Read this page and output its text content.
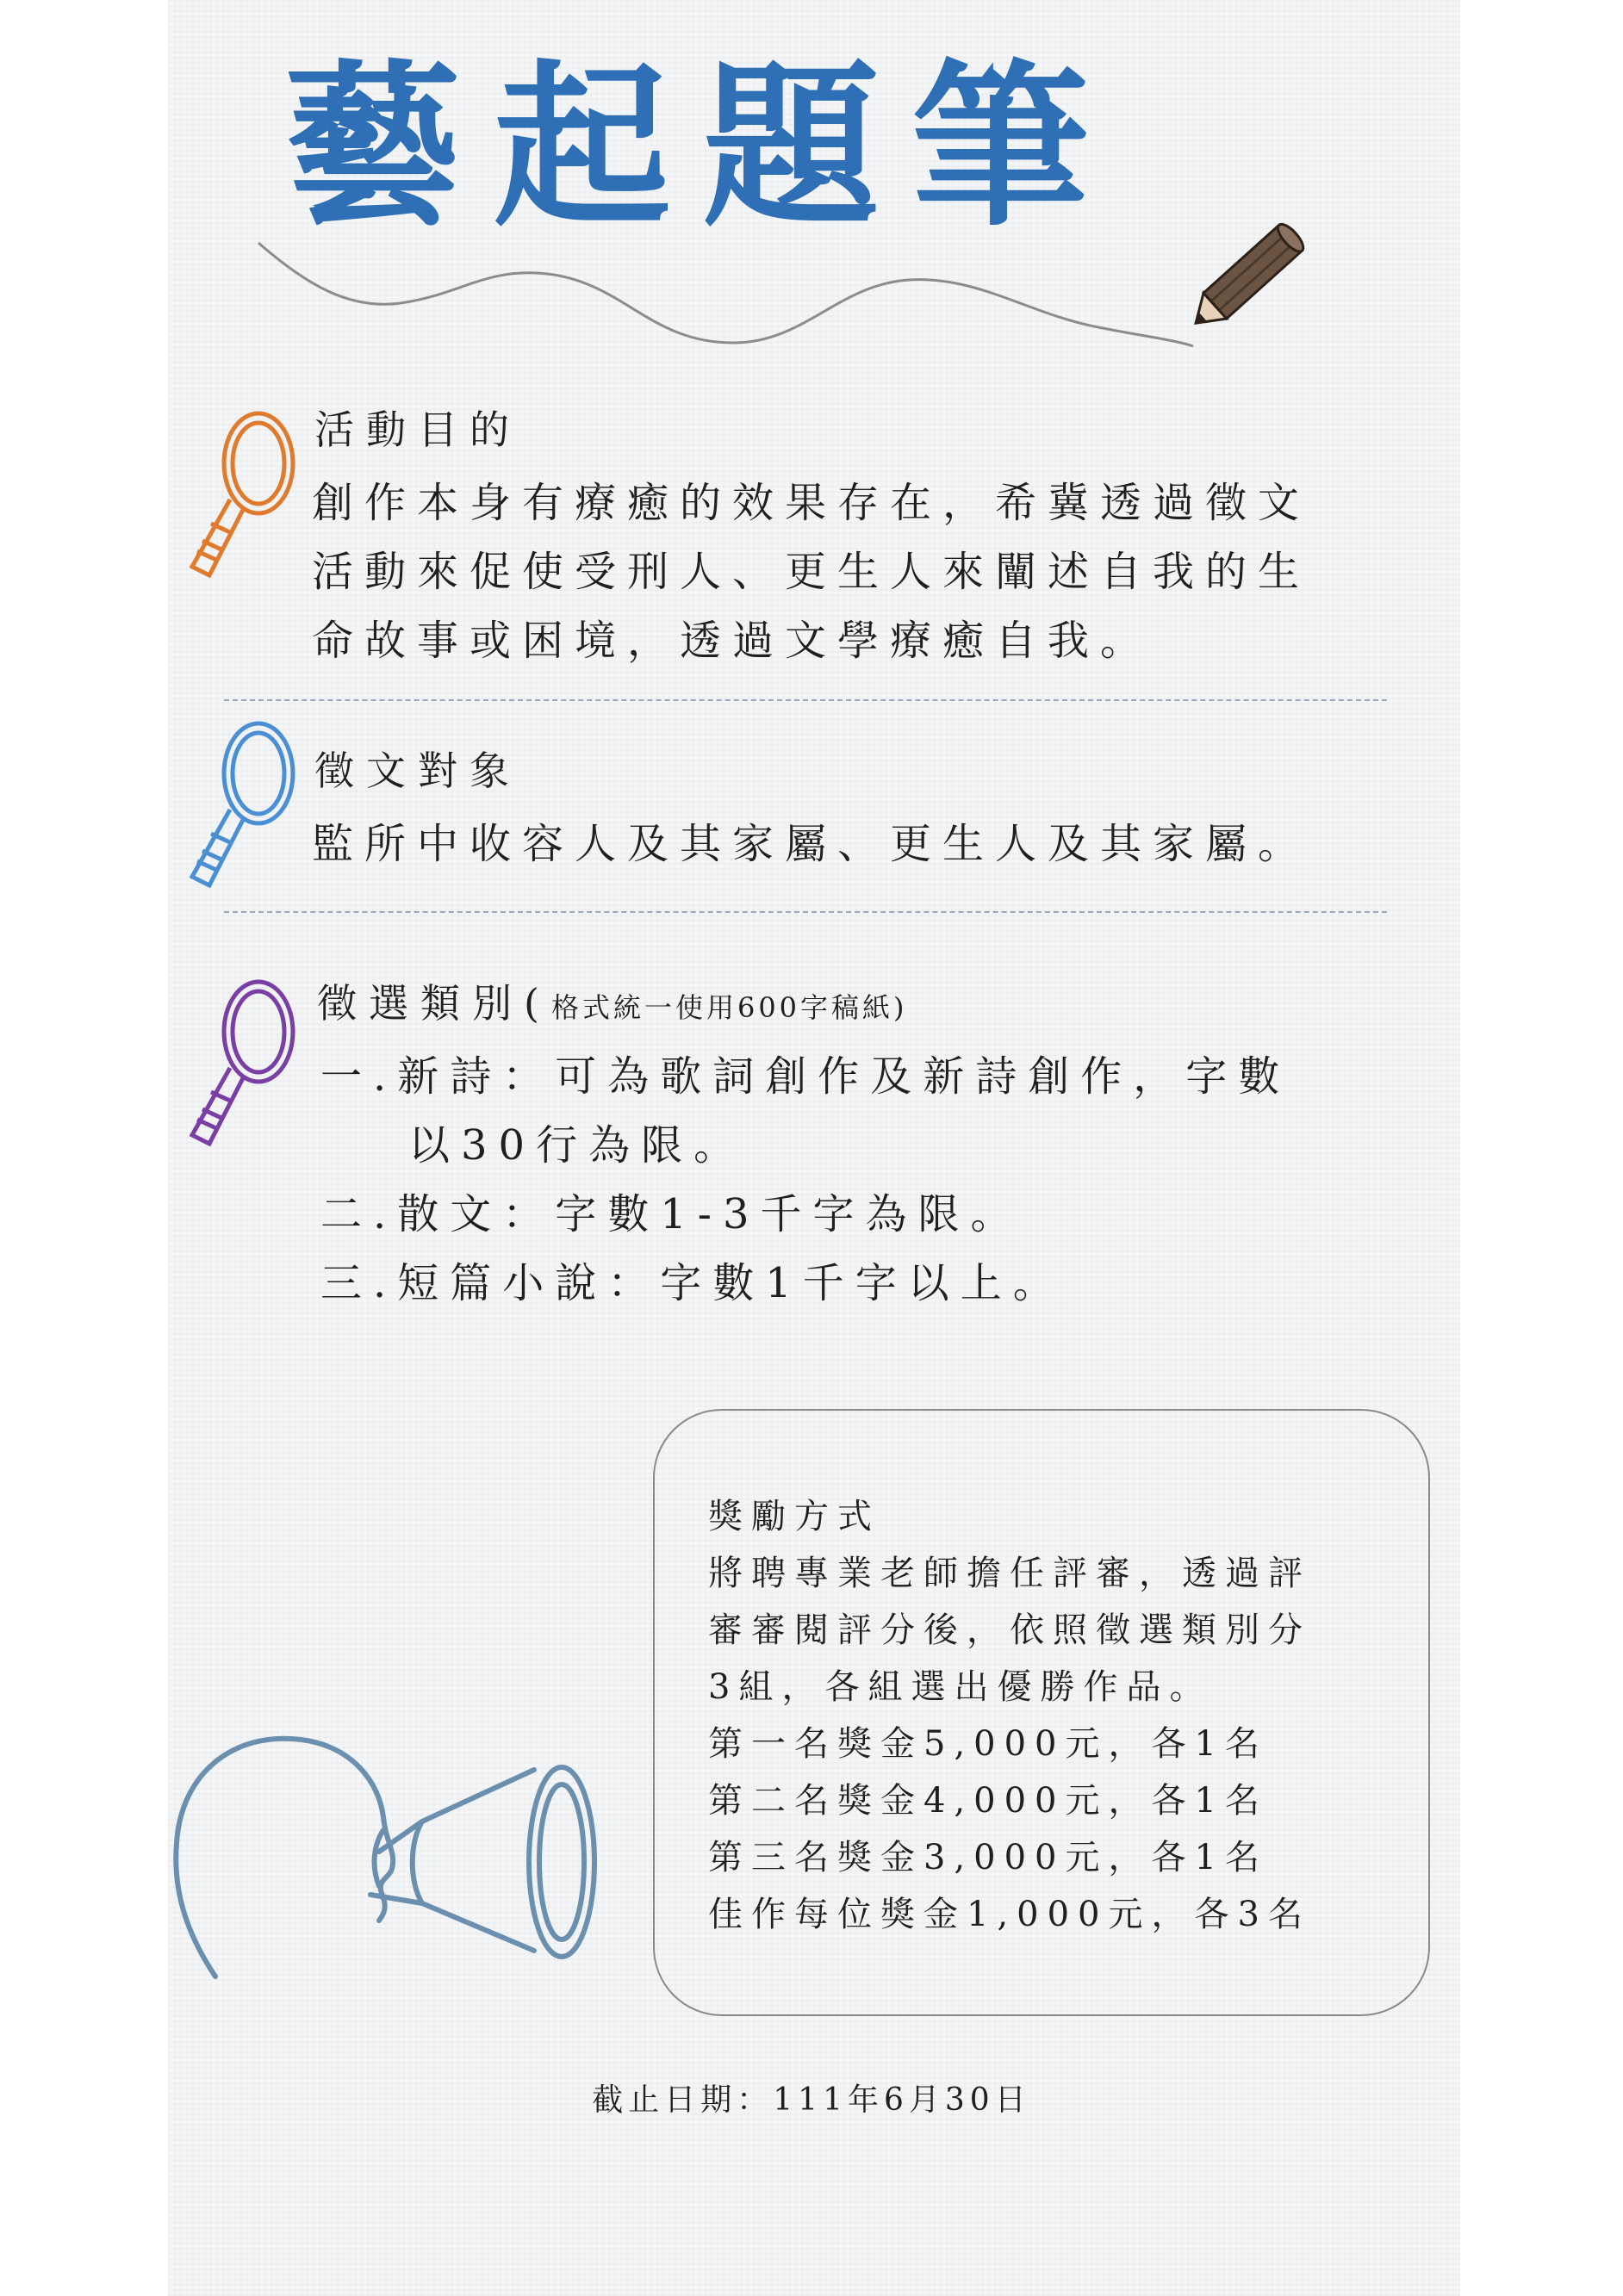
藝起題筆
活動目的

創作本身有療癒的效果存在，希冀透過徵文

活動來促使受刑人、更生人來闡述自我的生

命故事或困境，透過文學療癒自我。

徵文對象

監所中收容人及其家屬、更生人及其家屬。

徵選類別(格式統一使用600字稿紙)

一.新詩：可為歌詞創作及新詩創作，字數

以30行為限。

二.散文：字數1-3千字為限。

三.短篇小說：字數1千字以上。

獎勵方式

將聘專業老師擔任評審，透過評

審審閱評分後，依照徵選類別分

3組，各組選出優勝作品。

第一名獎金5,000元，各1名

第二名獎金4,000元，各1名

第三名獎金3,000元，各1名

佳作每位獎金1,000元，各3名

截止日期：111年6月30日
